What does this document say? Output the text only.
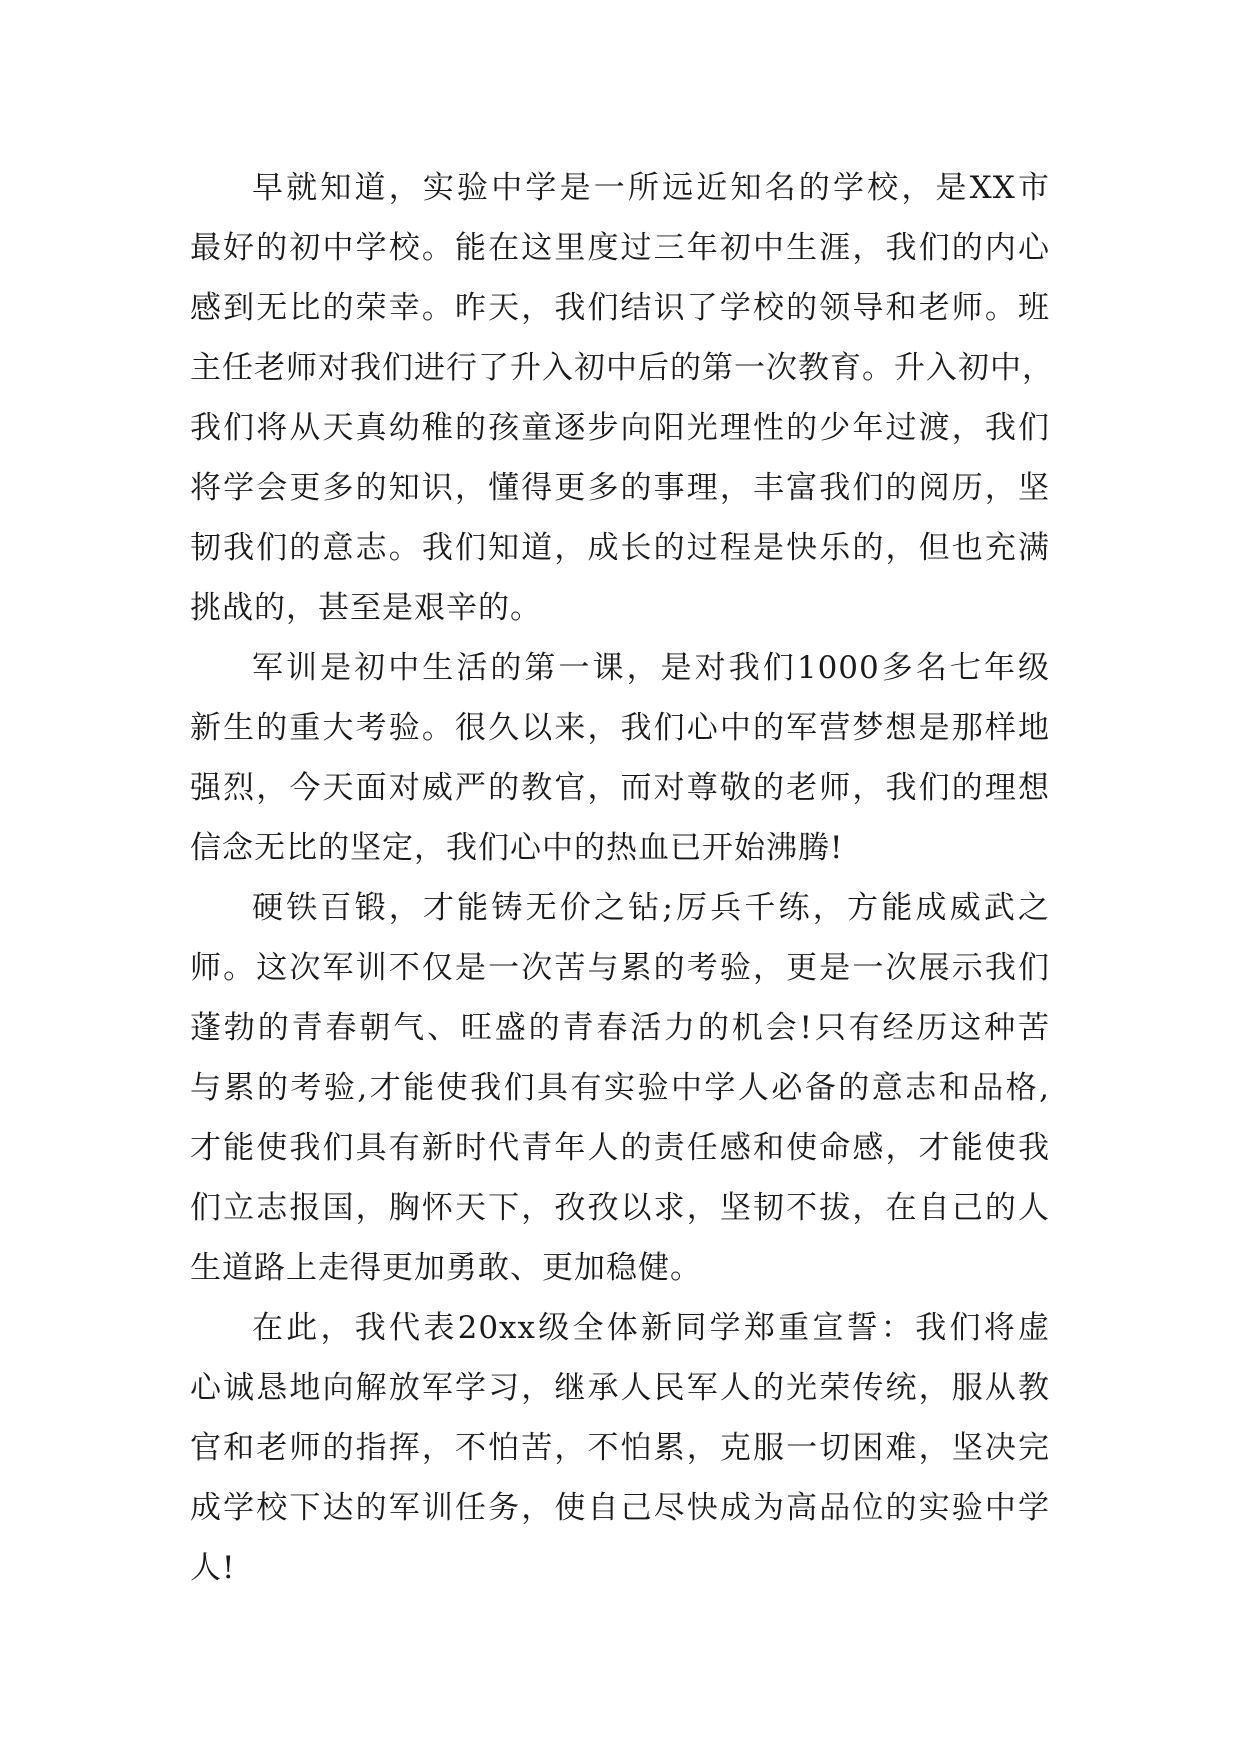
早就知道，实验中学是一所远近知名的学校，是XX市
最好的初中学校。能在这里度过三年初中生涯，我们的内心
感到无比的荣幸。昨天，我们结识了学校的领导和老师。班
主任老师对我们进行了升入初中后的第一次教育。升入初中，
我们将从天真幼稚的孩童逐步向阳光理性的少年过渡，我们
将学会更多的知识，懂得更多的事理，丰富我们的阅历，坚
韧我们的意志。我们知道，成长的过程是快乐的，但也充满
挑战的，甚至是艰辛的。
军训是初中生活的第一课，是对我们1000多名七年级
新生的重大考验。很久以来，我们心中的军营梦想是那样地
强烈，今天面对威严的教官，而对尊敬的老师，我们的理想
信念无比的坚定，我们心中的热血已开始沸腾!
硬铁百锻，才能铸无价之钻;厉兵千练，方能成威武之
师。这次军训不仅是一次苦与累的考验，更是一次展示我们
蓬勃的青春朝气、旺盛的青春活力的机会!只有经历这种苦
与累的考验,才能使我们具有实验中学人必备的意志和品格,
才能使我们具有新时代青年人的责任感和使命感，才能使我
们立志报国，胸怀天下，孜孜以求，坚韧不拔，在自己的人
生道路上走得更加勇敢、更加稳健。
在此，我代表20xx级全体新同学郑重宣誓：我们将虚
心诚恳地向解放军学习，继承人民军人的光荣传统，服从教
官和老师的指挥，不怕苦，不怕累，克服一切困难，坚决完
成学校下达的军训任务，使自己尽快成为高品位的实验中学
人!
